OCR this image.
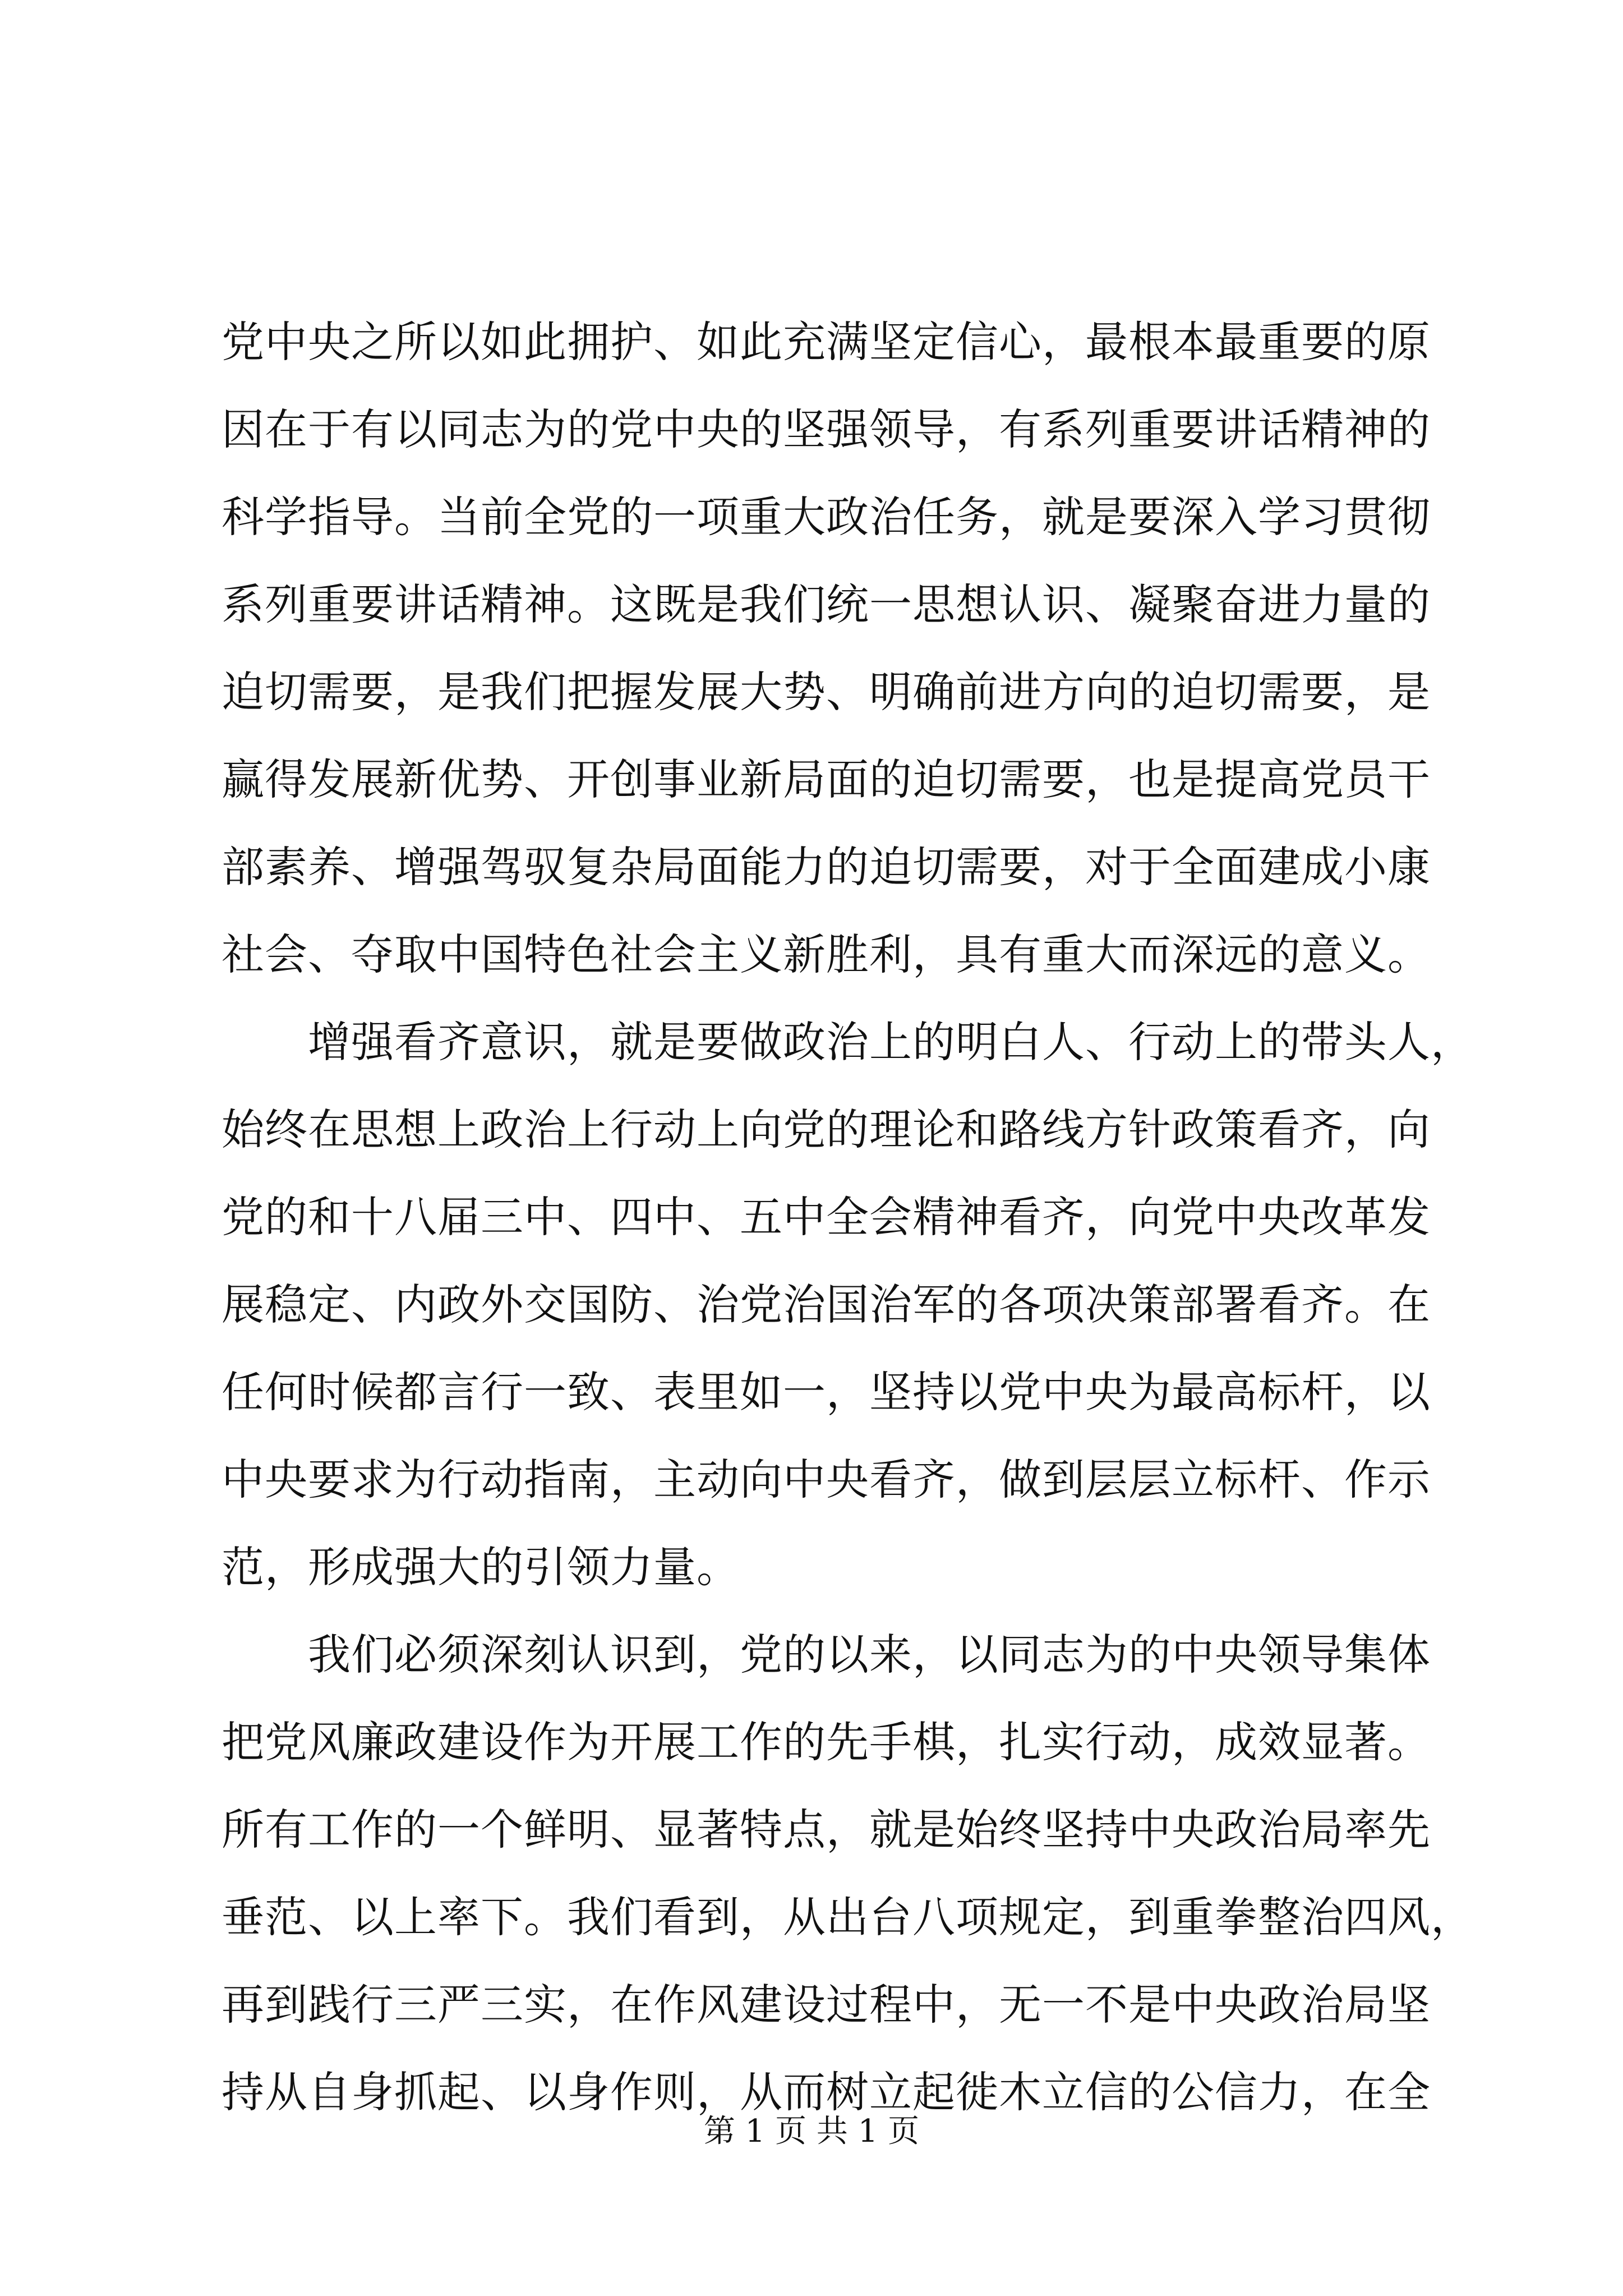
党中央之所以如此拥护、如此充满坚定信心，最根本最重要的原
因在于有以同志为的党中央的坚强领导，有系列重要讲话精神的
科学指导。当前全党的一项重大政治任务，就是要深入学习贯彻
系列重要讲话精神。这既是我们统一思想认识、凝聚奋进力量的
迫切需要，是我们把握发展大势、明确前进方向的迫切需要，是
赢得发展新优势、开创事业新局面的迫切需要，也是提高党员干
部素养、增强驾驭复杂局面能力的迫切需要，对于全面建成小康
社会、夺取中国特色社会主义新胜利，具有重大而深远的意义。
　　增强看齐意识，就是要做政治上的明白人、行动上的带头人，
始终在思想上政治上行动上向党的理论和路线方针政策看齐，向
党的和十八届三中、四中、五中全会精神看齐，向党中央改革发
展稳定、内政外交国防、治党治国治军的各项决策部署看齐。在
任何时候都言行一致、表里如一，坚持以党中央为最高标杆，以
中央要求为行动指南，主动向中央看齐，做到层层立标杆、作示
范，形成强大的引领力量。
　　我们必须深刻认识到，党的以来，以同志为的中央领导集体
把党风廉政建设作为开展工作的先手棋，扎实行动，成效显著。
所有工作的一个鲜明、显著特点，就是始终坚持中央政治局率先
垂范、以上率下。我们看到，从出台八项规定，到重拳整治四风，
再到践行三严三实，在作风建设过程中，无一不是中央政治局坚
持从自身抓起、以身作则，从而树立起徙木立信的公信力，在全
第 1 页 共 1 页
